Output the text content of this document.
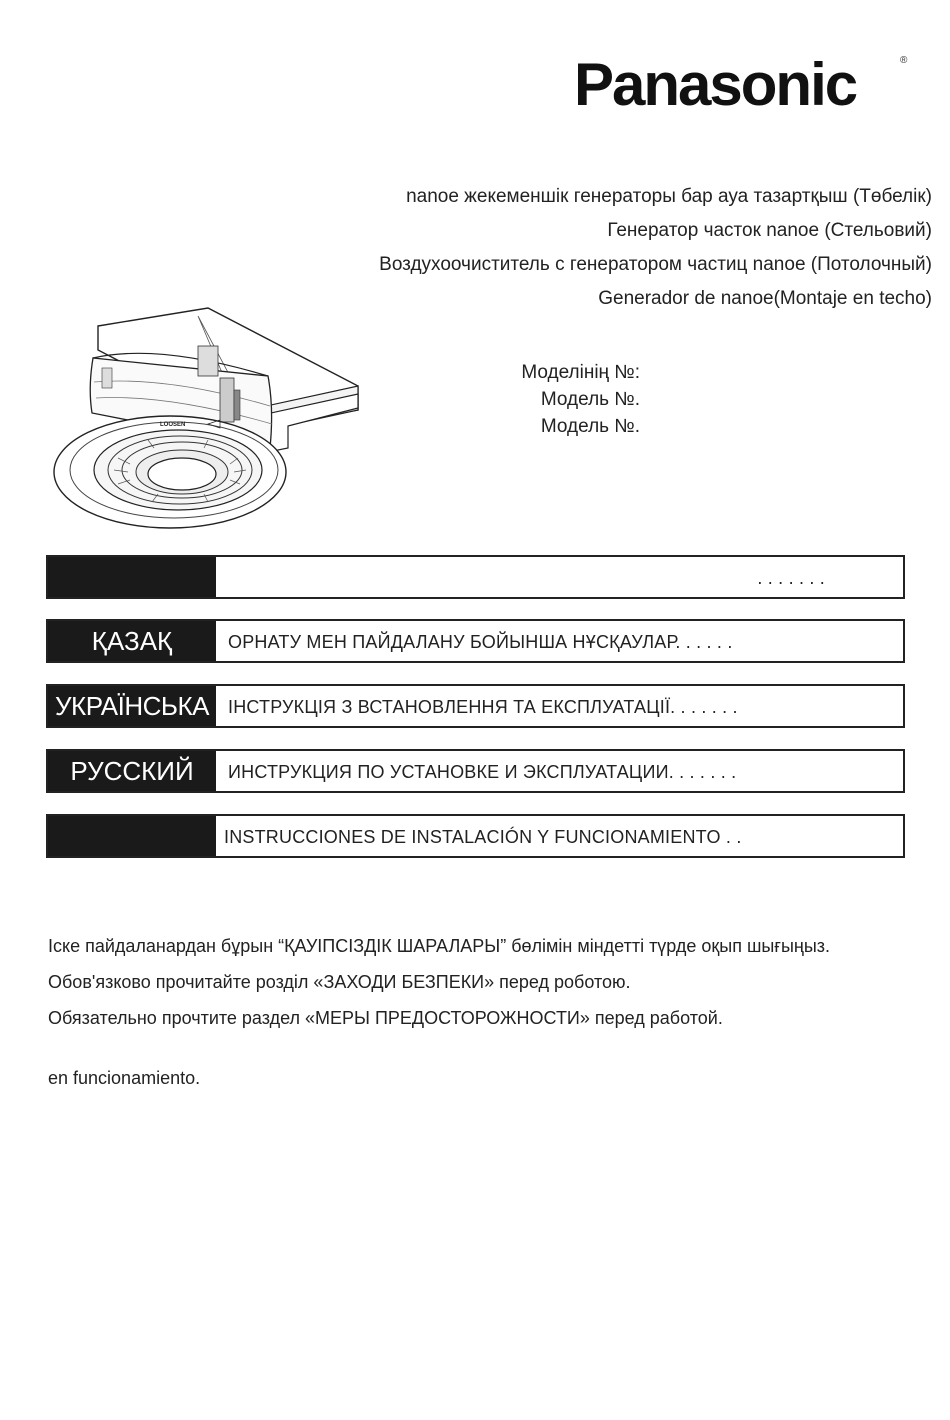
Panasonic	®
nanoe жекеменшік генераторы бар ауа тазартқыш (Төбелік)
Генератор часток nanoe (Стельовий)
Воздухоочиститель с генератором частиц nanoe (Потолочный)
Generador de nanoe(Montaje en techo)
LOOSEN
Моделінің №:
Модель №.
Модель №.
. . . . . . .
ҚАЗАҚ	ОРНАТУ МЕН ПАЙДАЛАНУ БОЙЫНША НҰСҚАУЛАР. . . . . .
УКРАЇНСЬКА	ІНСТРУКЦІЯ З ВСТАНОВЛЕННЯ ТА ЕКСПЛУАТАЦІЇ. . . . . . .
РУССКИЙ	ИНСТРУКЦИЯ ПО УСТАНОВКЕ И ЭКСПЛУАТАЦИИ. . . . . . .
INSTRUCCIONES DE INSTALACIÓN Y FUNCIONAMIENTO . .

Іске пайдаланардан бұрын “ҚАУІПСІЗДІК ШАРАЛАРЫ” бөлімін міндетті түрде оқып шығыңыз.

Обов'язково прочитайте розділ «ЗАХОДИ БЕЗПЕКИ» перед роботою.

Обязательно прочтите раздел «МЕРЫ ПРЕДОСТОРОЖНОСТИ» перед работой.

en funcionamiento.
